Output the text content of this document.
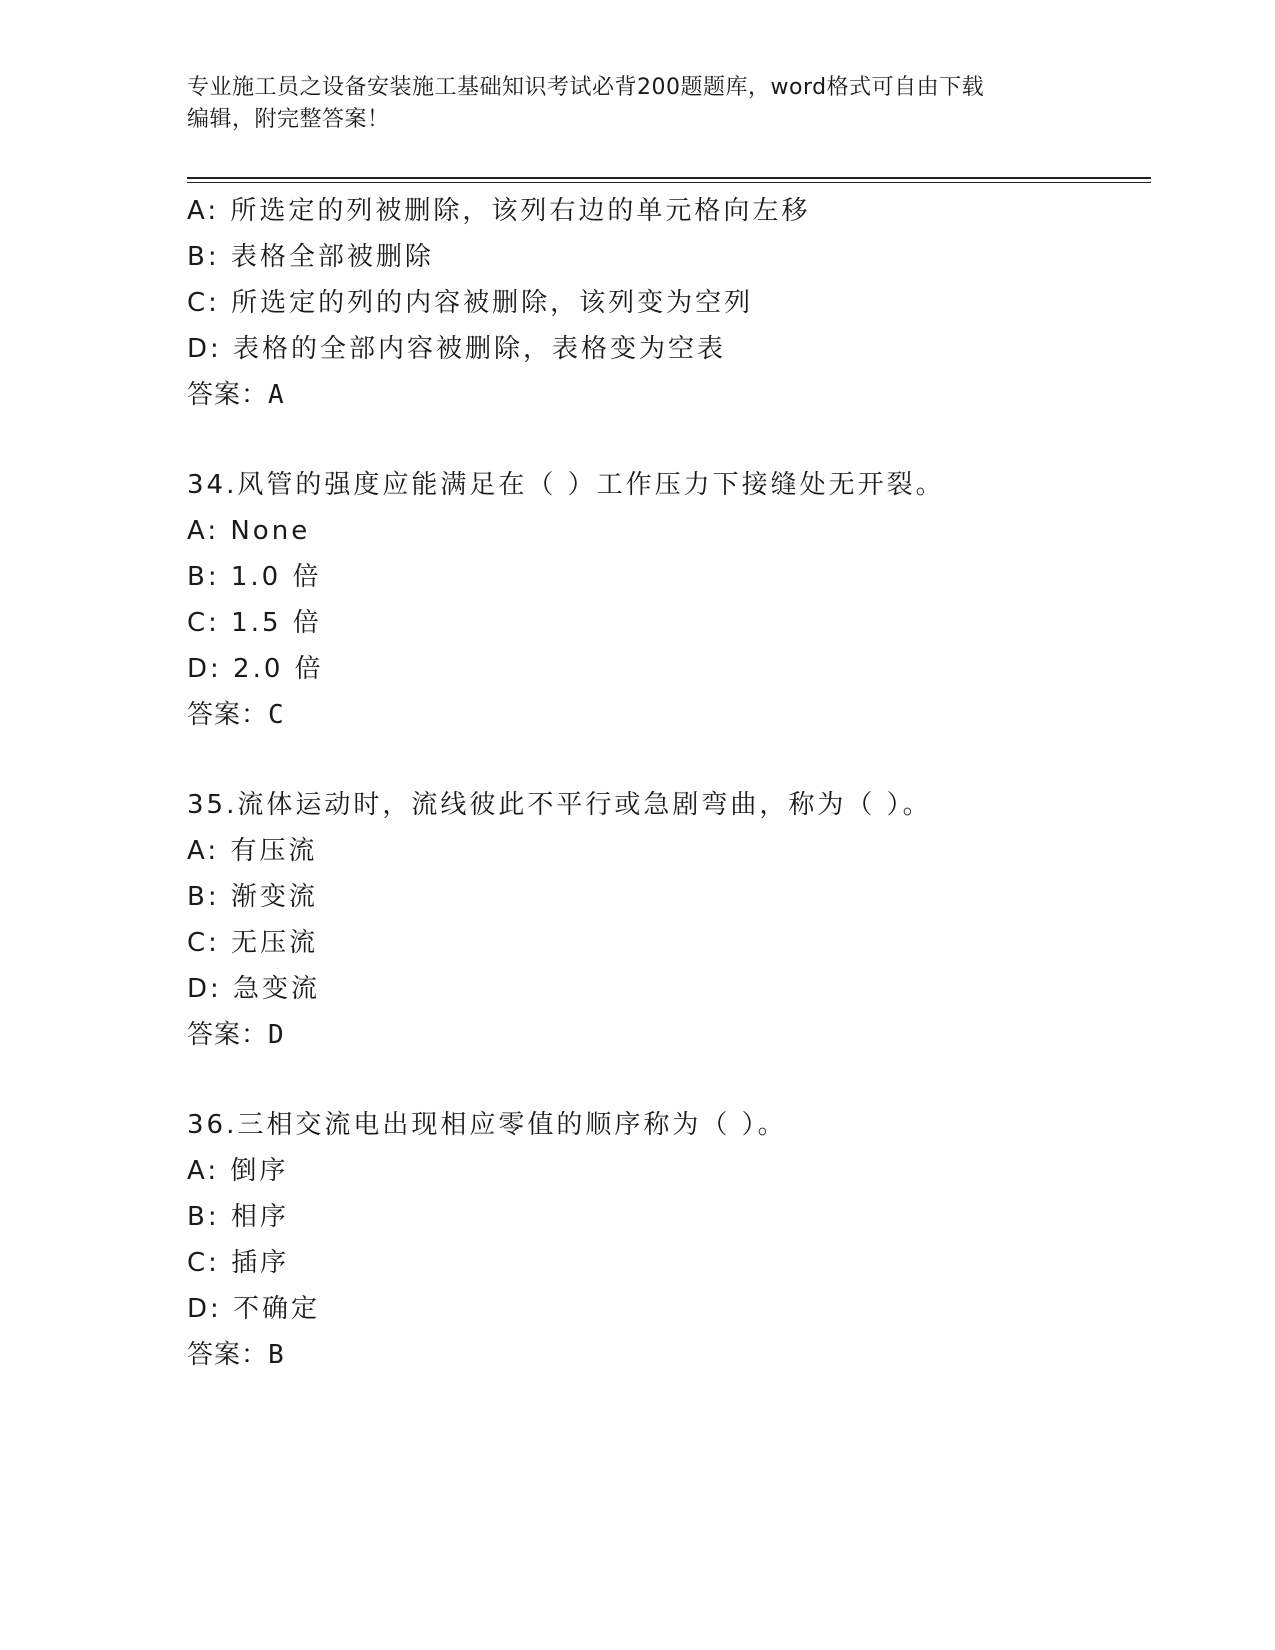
专业施工员之设备安装施工基础知识考试必背200题题库，word格式可自由下载
编辑，附完整答案！
A: 所选定的列被删除，该列右边的单元格向左移
B: 表格全部被删除
C: 所选定的列的内容被删除，该列变为空列
D: 表格的全部内容被删除，表格变为空表
答案：A
34.风管的强度应能满足在（ ）工作压力下接缝处无开裂。
A: None
B: 1.0 倍
C: 1.5 倍
D: 2.0 倍
答案：C
35.流体运动时，流线彼此不平行或急剧弯曲，称为（ ）。
A: 有压流
B: 渐变流
C: 无压流
D: 急变流
答案：D
36.三相交流电出现相应零值的顺序称为（ ）。
A: 倒序
B: 相序
C: 插序
D: 不确定
答案：B
